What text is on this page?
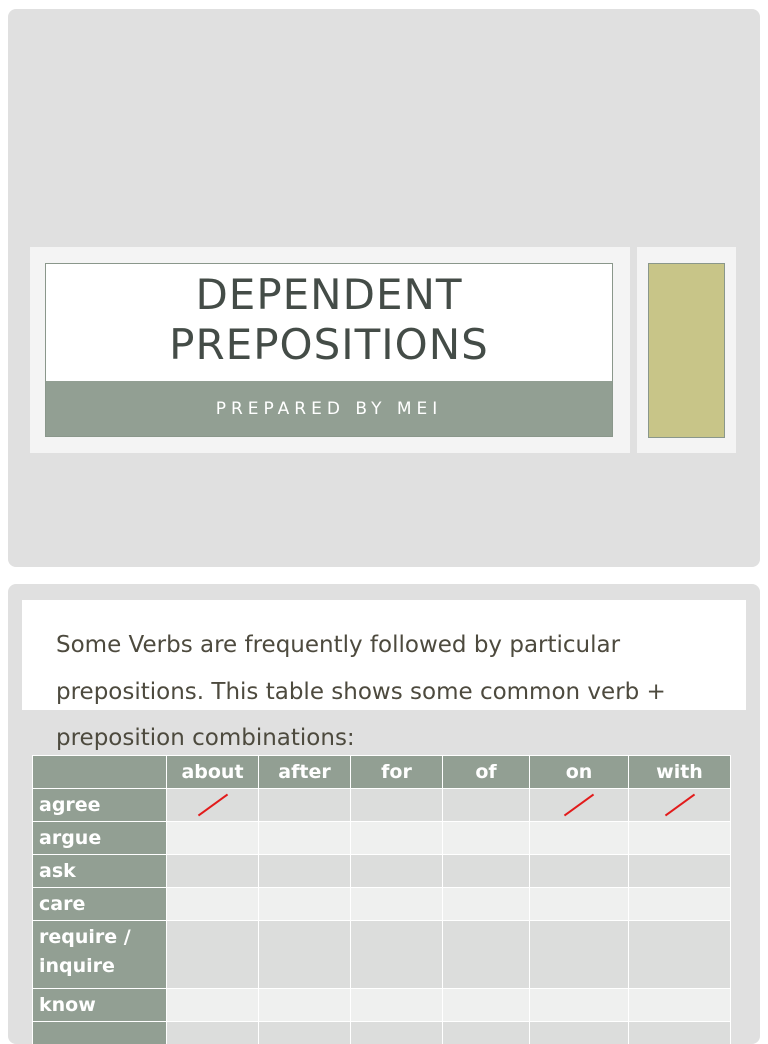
DEPENDENT
PREPOSITIONS
PREPARED BY MEI

Some Verbs are frequently followed by particular prepositions. This table shows some common verb + preposition combinations:

	about	after	for	of	on	with
agree	

argue						
ask						
care						
require / inquire						
know						
